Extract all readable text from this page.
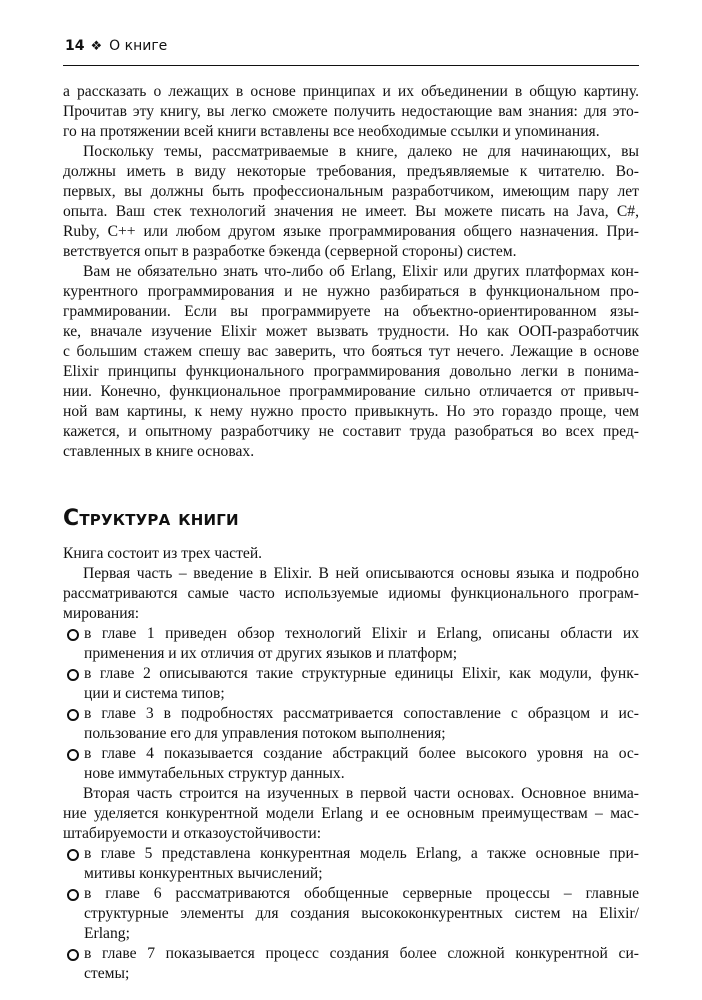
14 ❖ О книге
а рассказать о лежащих в основе принципах и их объединении в общую картину.
Прочитав эту книгу, вы легко сможете получить недостающие вам знания: для это-
го на протяжении всей книги вставлены все необходимые ссылки и упоминания.
Поскольку темы, рассматриваемые в книге, далеко не для начинающих, вы
должны иметь в виду некоторые требования, предъявляемые к читателю. Во-
первых, вы должны быть профессиональным разработчиком, имеющим пару лет
опыта. Ваш стек технологий значения не имеет. Вы можете писать на Java, C#,
Ruby, C++ или любом другом языке программирования общего назначения. При-
ветствуется опыт в разработке бэкенда (серверной стороны) систем.
Вам не обязательно знать что-либо об Erlang, Elixir или других платформах кон-
курентного программирования и не нужно разбираться в функциональном про-
граммировании. Если вы программируете на объектно-ориентированном язы-
ке, вначале изучение Elixir может вызвать трудности. Но как ООП-разработчик
с большим стажем спешу вас заверить, что бояться тут нечего. Лежащие в основе
Elixir принципы функционального программирования довольно легки в понима-
нии. Конечно, функциональное программирование сильно отличается от привыч-
ной вам картины, к нему нужно просто привыкнуть. Но это гораздо проще, чем
кажется, и опытному разработчику не составит труда разобраться во всех пред-
ставленных в книге основах.
Структура книги
Книга состоит из трех частей.
Первая часть – введение в Elixir. В ней описываются основы языка и подробно
рассматриваются самые часто используемые идиомы функционального програм-
мирования:
в главе 1 приведен обзор технологий Elixir и Erlang, описаны области их
применения и их отличия от других языков и платформ;
в главе 2 описываются такие структурные единицы Elixir, как модули, функ-
ции и система типов;
в главе 3 в подробностях рассматривается сопоставление с образцом и ис-
пользование его для управления потоком выполнения;
в главе 4 показывается создание абстракций более высокого уровня на ос-
нове иммутабельных структур данных.
Вторая часть строится на изученных в первой части основах. Основное внима-
ние уделяется конкурентной модели Erlang и ее основным преимуществам – мас-
штабируемости и отказоустойчивости:
в главе 5 представлена конкурентная модель Erlang, а также основные при-
митивы конкурентных вычислений;
в главе 6 рассматриваются обобщенные серверные процессы – главные
структурные элементы для создания высококонкурентных систем на Elixir/
Erlang;
в главе 7 показывается процесс создания более сложной конкурентной си-
стемы;
